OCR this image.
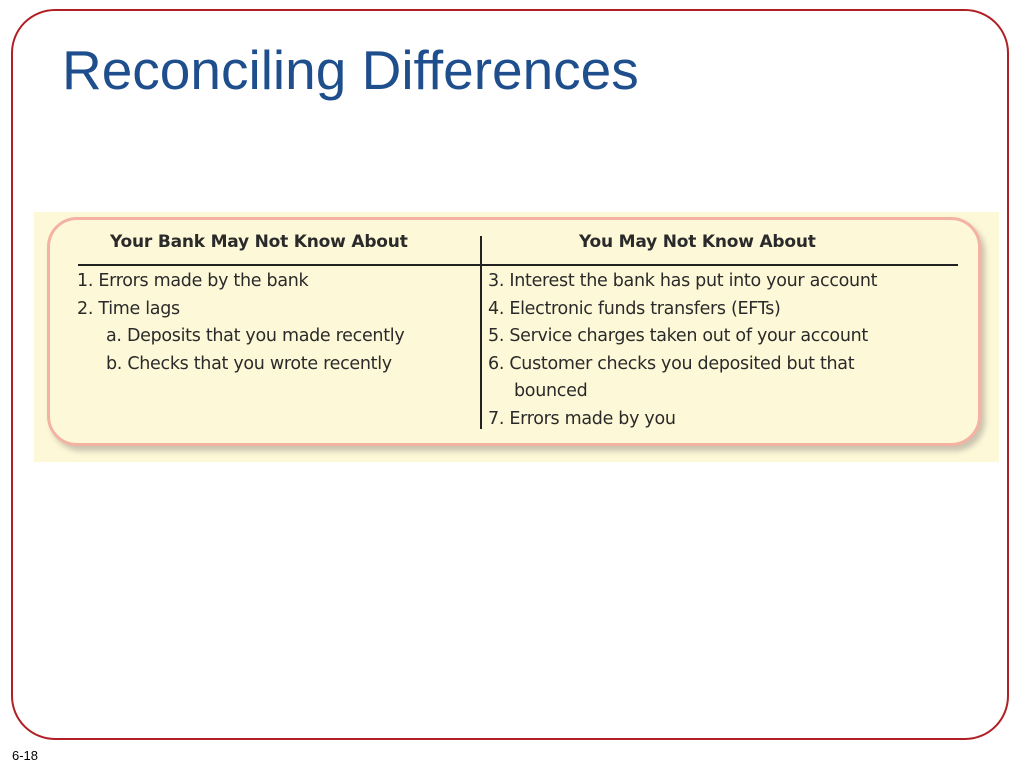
Reconciling Differences
Your Bank May Not Know About	You May Not Know About
1. Errors made by the bank
2. Time lags
a. Deposits that you made recently
b. Checks that you wrote recently
3. Interest the bank has put into your account
4. Electronic funds transfers (EFTs)
5. Service charges taken out of your account
6. Customer checks you deposited but that
bounced
7. Errors made by you
6-18
